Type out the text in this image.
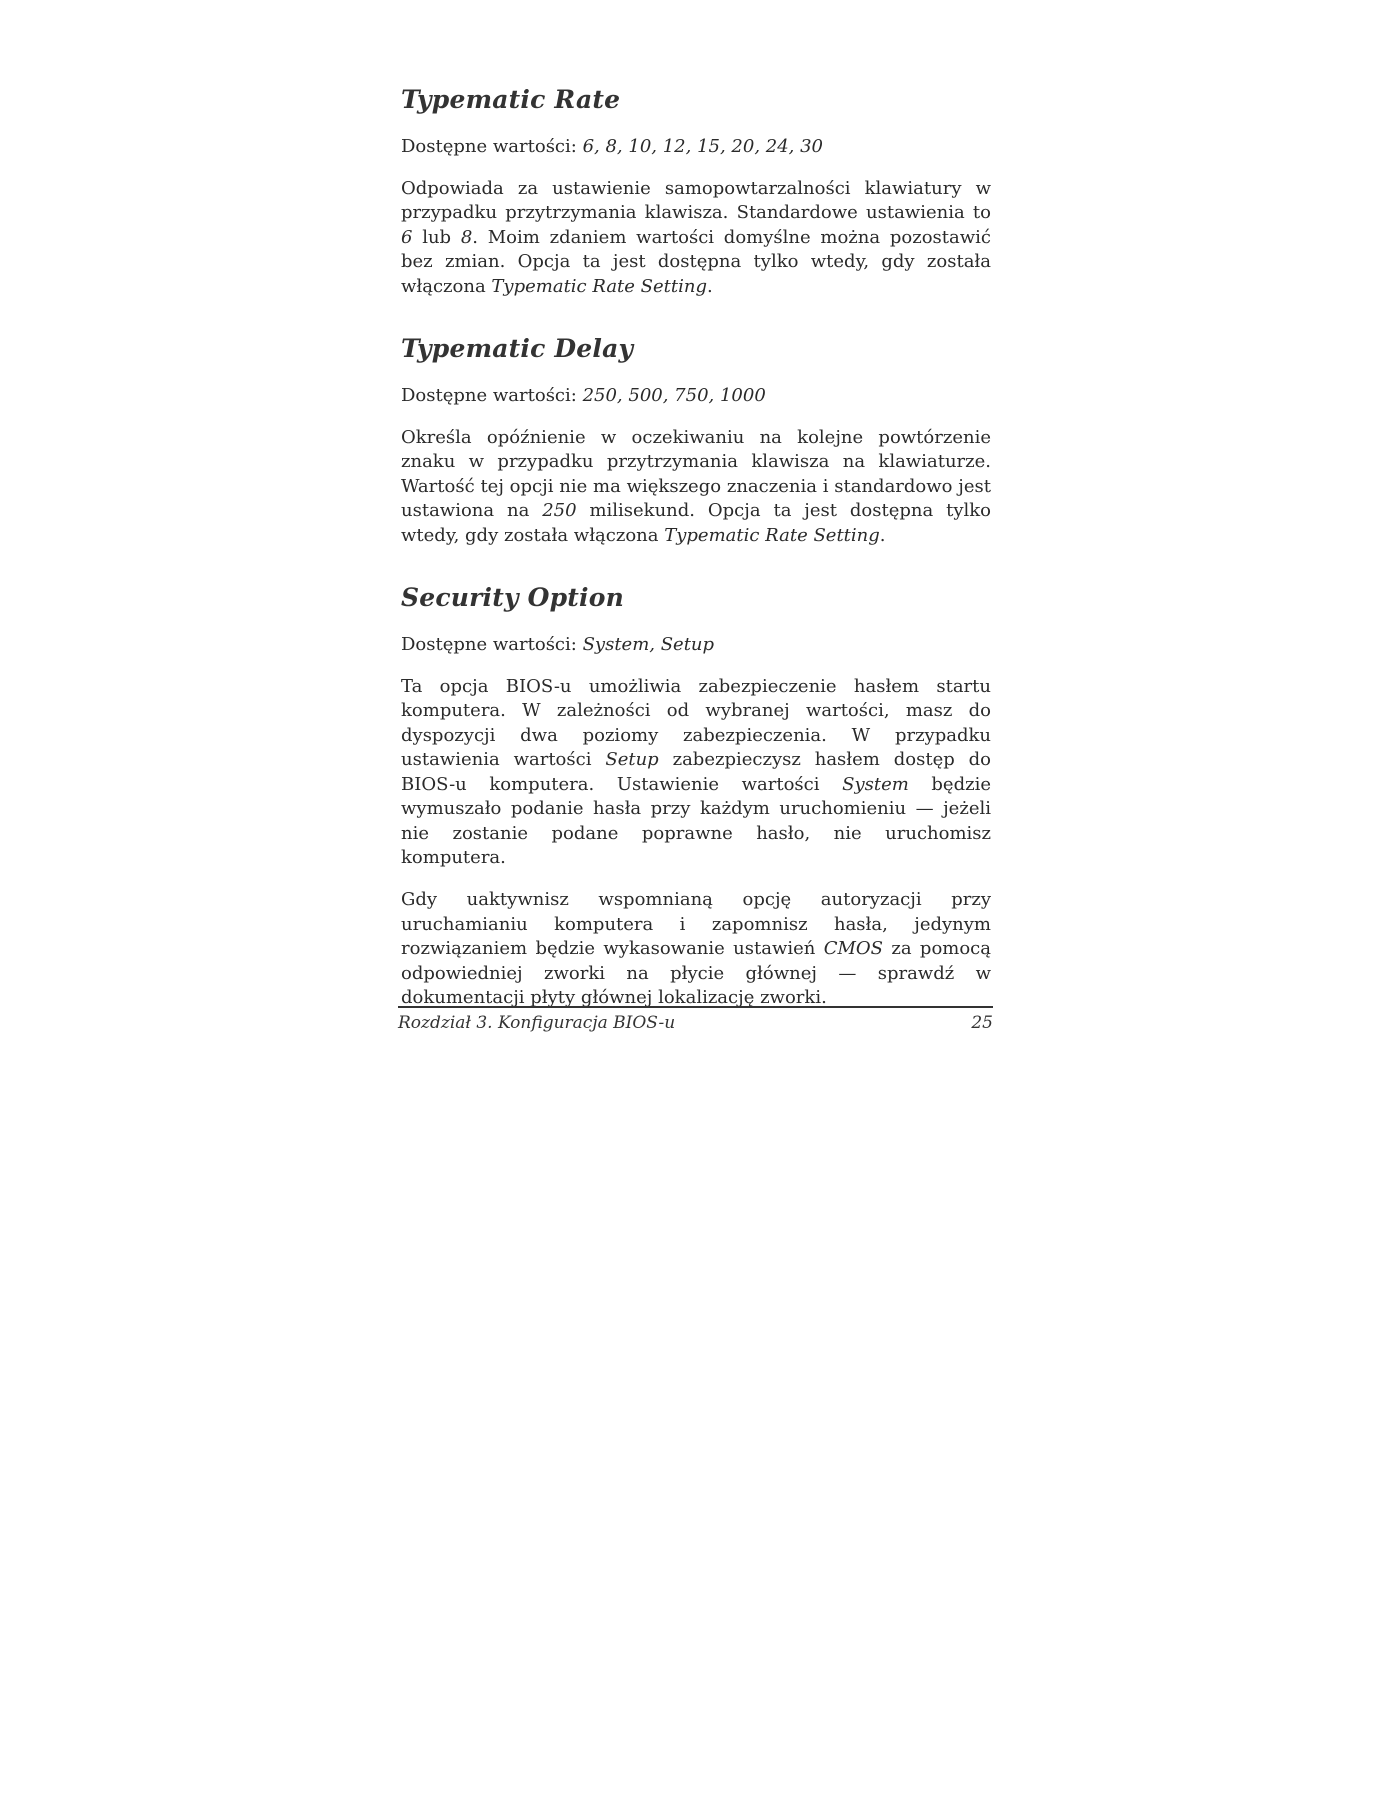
Typematic Rate

Dostępne wartości: 6, 8, 10, 12, 15, 20, 24, 30

Odpowiada za ustawienie samopowtarzalności klawiatury w przypadku przytrzymania klawisza. Standardowe ustawienia to 6 lub 8. Moim zdaniem wartości domyślne można pozostawić bez zmian. Opcja ta jest dostępna tylko wtedy, gdy została włączona Typematic Rate Setting.

Typematic Delay

Dostępne wartości: 250, 500, 750, 1000

Określa opóźnienie w oczekiwaniu na kolejne powtórzenie znaku w przypadku przytrzymania klawisza na klawiaturze. Wartość tej opcji nie ma większego znaczenia i standardowo jest ustawiona na 250 milisekund. Opcja ta jest dostępna tylko wtedy, gdy została włączona Typematic Rate Setting.

Security Option

Dostępne wartości: System, Setup

Ta opcja BIOS-u umożliwia zabezpieczenie hasłem startu komputera. W zależności od wybranej wartości, masz do dyspozycji dwa poziomy zabezpieczenia. W przypadku ustawienia wartości Setup zabezpieczysz hasłem dostęp do BIOS-u komputera. Ustawienie wartości System będzie wymuszało podanie hasła przy każdym uruchomieniu — jeżeli nie zostanie podane poprawne hasło, nie uruchomisz komputera.

Gdy uaktywnisz wspomnianą opcję autoryzacji przy uruchamianiu komputera i zapomnisz hasła, jedynym rozwiązaniem będzie wykasowanie ustawień CMOS za pomocą odpowiedniej zworki na płycie głównej — sprawdź w dokumentacji płyty głównej lokalizację zworki.

Rozdział 3. Konfiguracja BIOS-u	25
